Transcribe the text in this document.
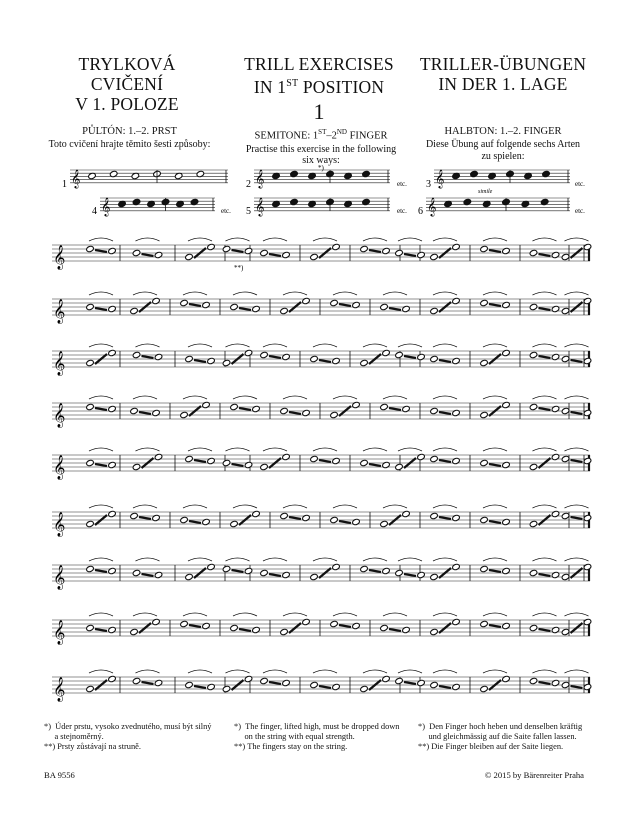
TRYLKOVÁ CVIČENÍ
V 1. POLOZE
TRILL EXERCISES
IN 1ST POSITION
TRILLER-ÜBUNGEN
IN DER 1. LAGE
1
PŮLTÓN: 1.–2. PRST
Toto cvičení hrajte těmito šesti způsoby:
SEMITONE: 1ST–2ND FINGER
Practise this exercise in the following
six ways:
HALBTON: 1.–2. FINGER
Diese Übung auf folgende sechs Arten
zu spielen:
𝄞	𝄞	𝄞
𝄞	𝄞	𝄞
𝄞
𝄞
𝄞
𝄞
𝄞
𝄞
𝄞
𝄞
𝄞
1	2	3
4	5	6
etc.	etc.
etc.	etc.	etc.
simile
*)
**)
*)  Úder prstu, vysoko zvednutého, musí být silný
a stejnoměrný.
**) Prsty zůstávají na struně.
*)  The finger, lifted high, must be dropped down
on the string with equal strength.
**) The fingers stay on the string.
*)  Den Finger hoch heben und denselben kräftig
und gleichmässig auf die Saite fallen lassen.
**) Die Finger bleiben auf der Saite liegen.
BA 9556	© 2015 by Bärenreiter Praha
